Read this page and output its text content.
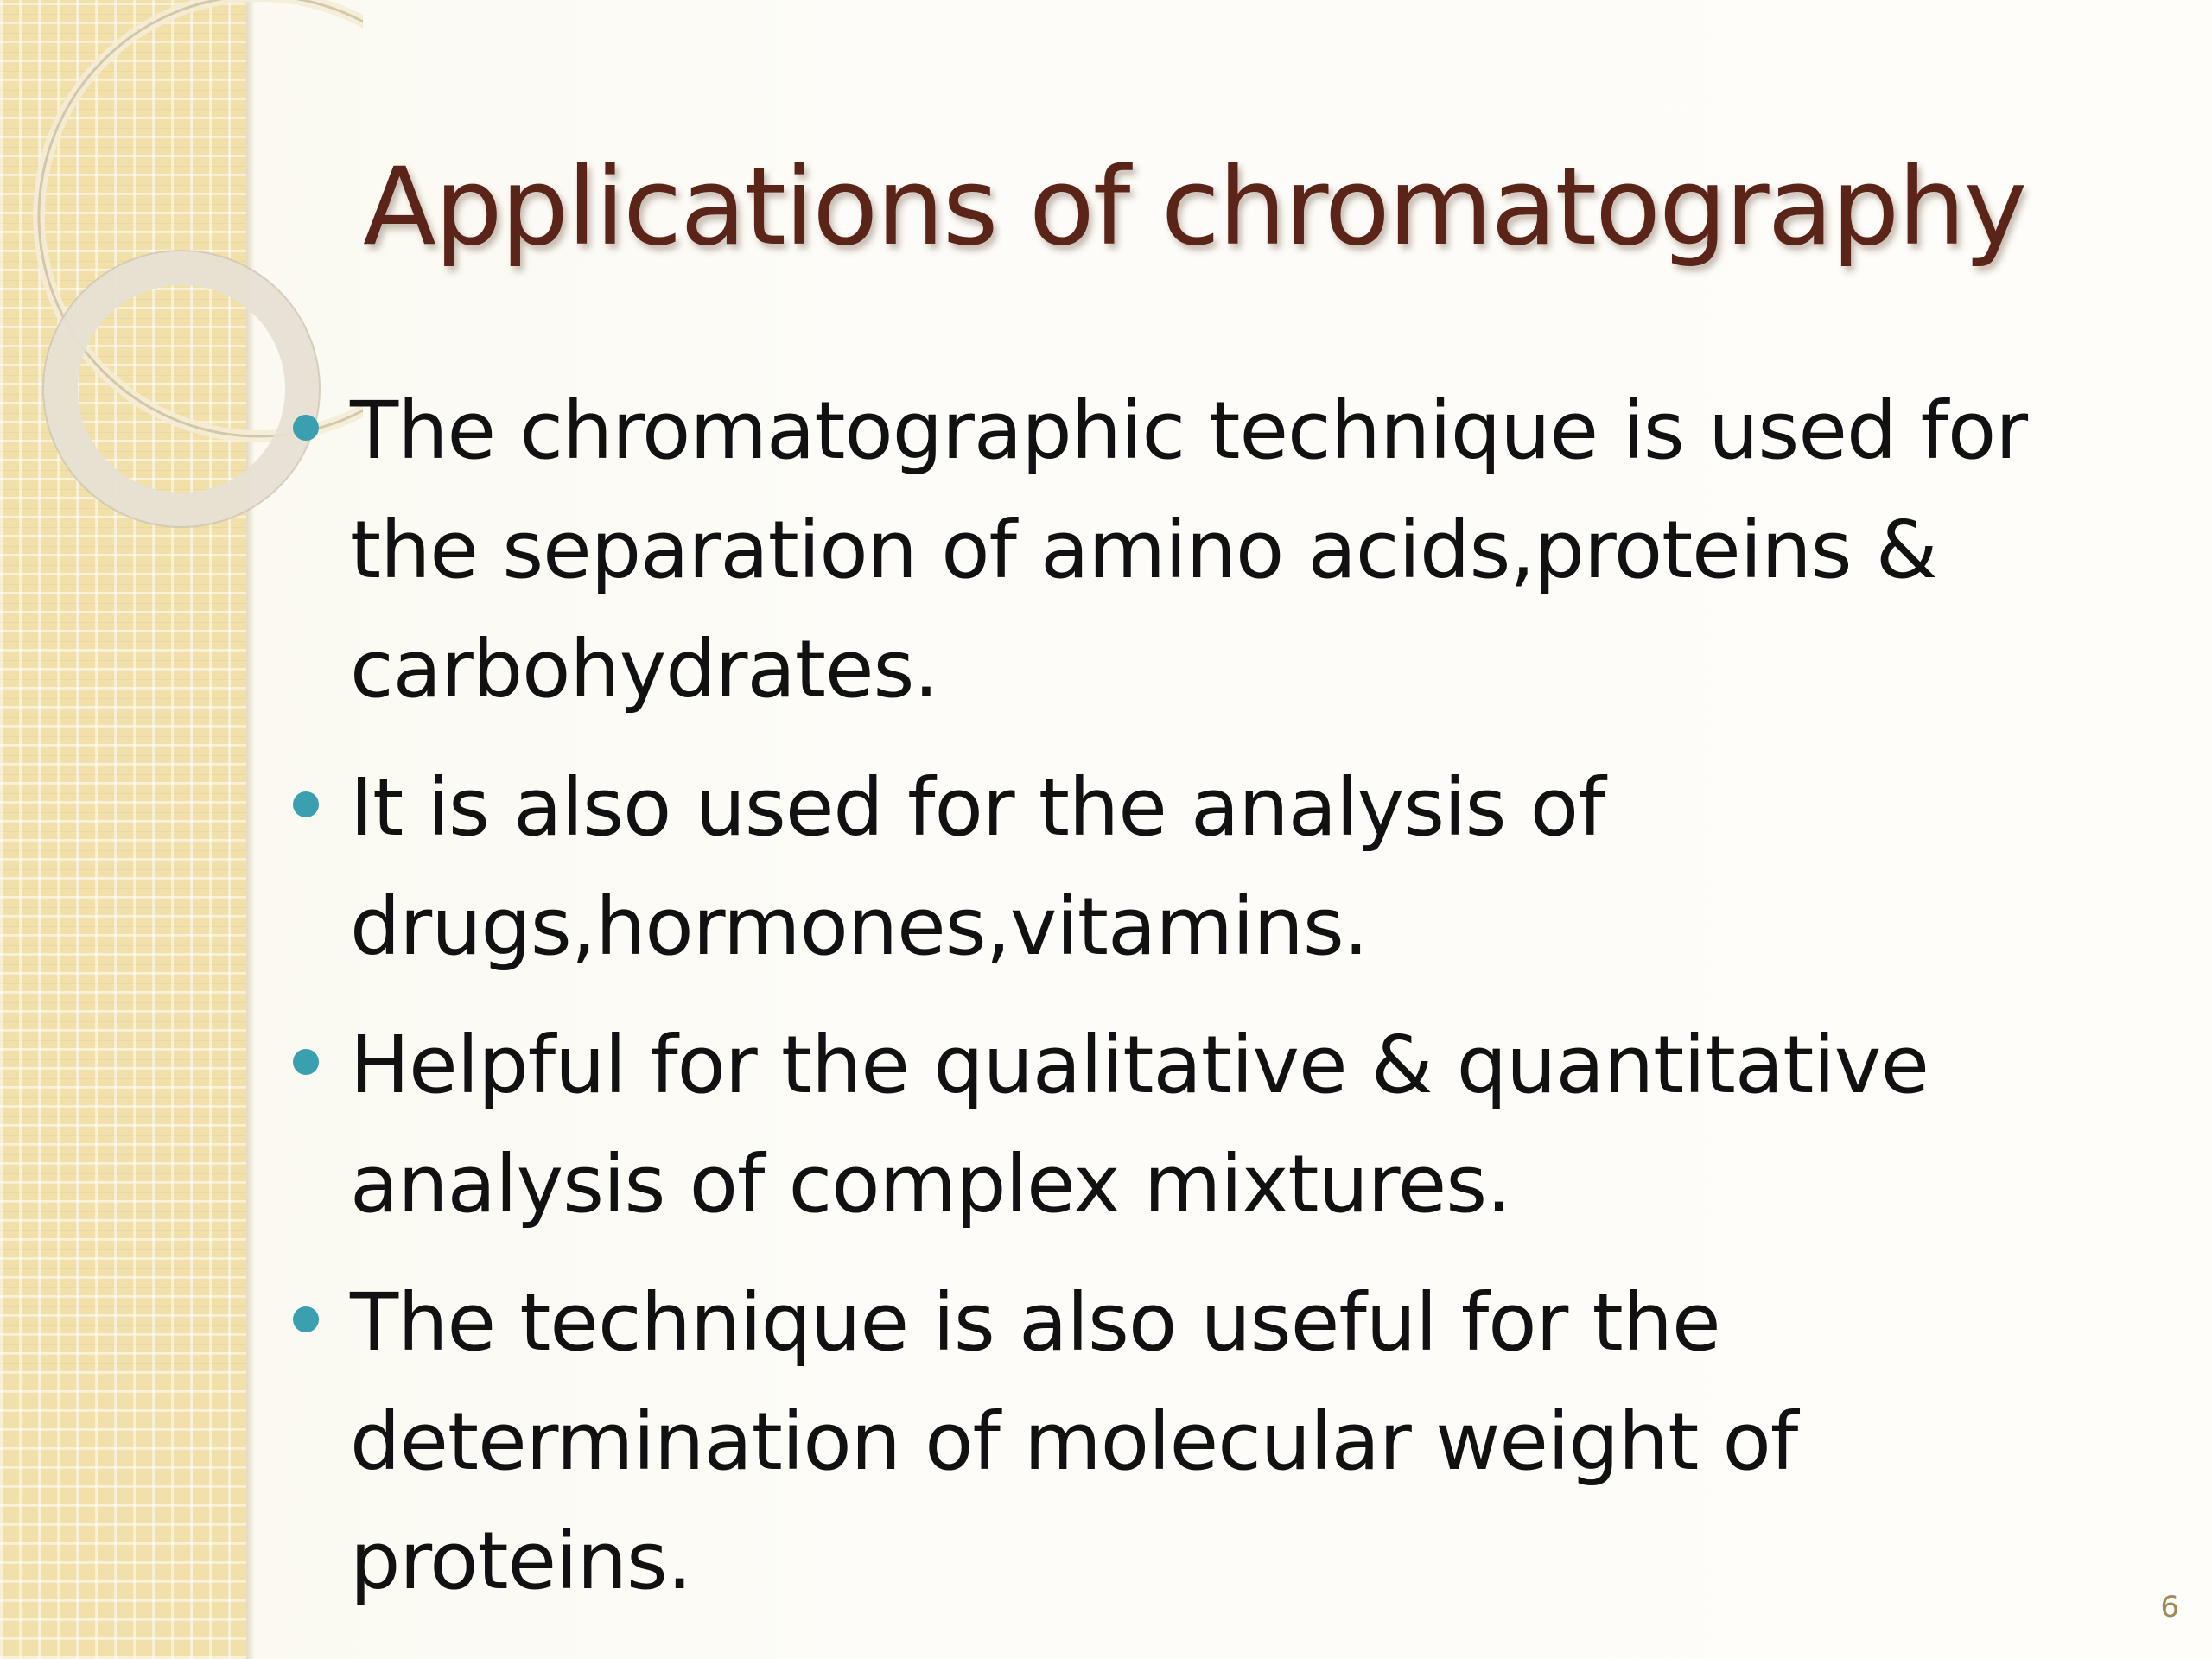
Applications of chromatography
The chromatographic technique is used for the separation of amino acids,proteins & carbohydrates.
It is also used for the analysis of drugs,hormones,vitamins.
Helpful for the qualitative & quantitative analysis of complex mixtures.
The technique is also useful for the determination of molecular weight of proteins.	6
